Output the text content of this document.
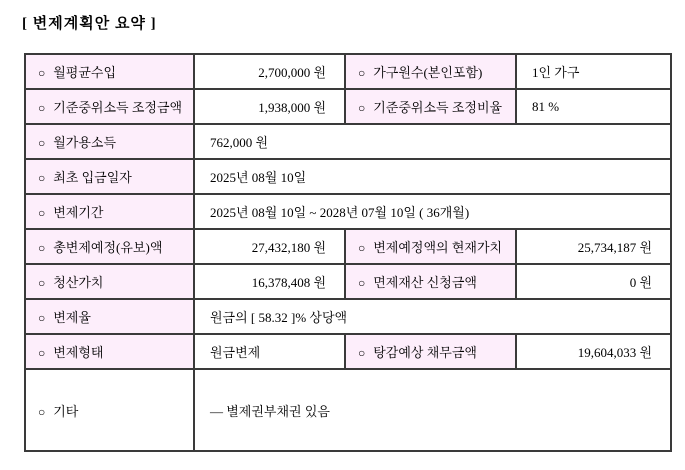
[ 변제계획안 요약 ]
○ 월평균수입	2,700,000 원	○ 가구원수(본인포함)	1인 가구
○ 기준중위소득 조정금액	1,938,000 원	○ 기준중위소득 조정비율	81 %
○ 월가용소득	762,000 원		
○ 최초 입금일자	2025년 08월 10일		
○ 변제기간	2025년 08월 10일 ~ 2028년 07월 10일 ( 36개월)		
○ 총변제예정(유보)액	27,432,180 원	○ 변제예정액의 현재가치	25,734,187 원
○ 청산가치	16,378,408 원	○ 면제재산 신청금액	0 원
○ 변제율	원금의 [ 58.32 ]% 상당액		
○ 변제형태	원금변제	○ 탕감예상 채무금액	19,604,033 원
○ 기타	— 별제권부채권 있음		
